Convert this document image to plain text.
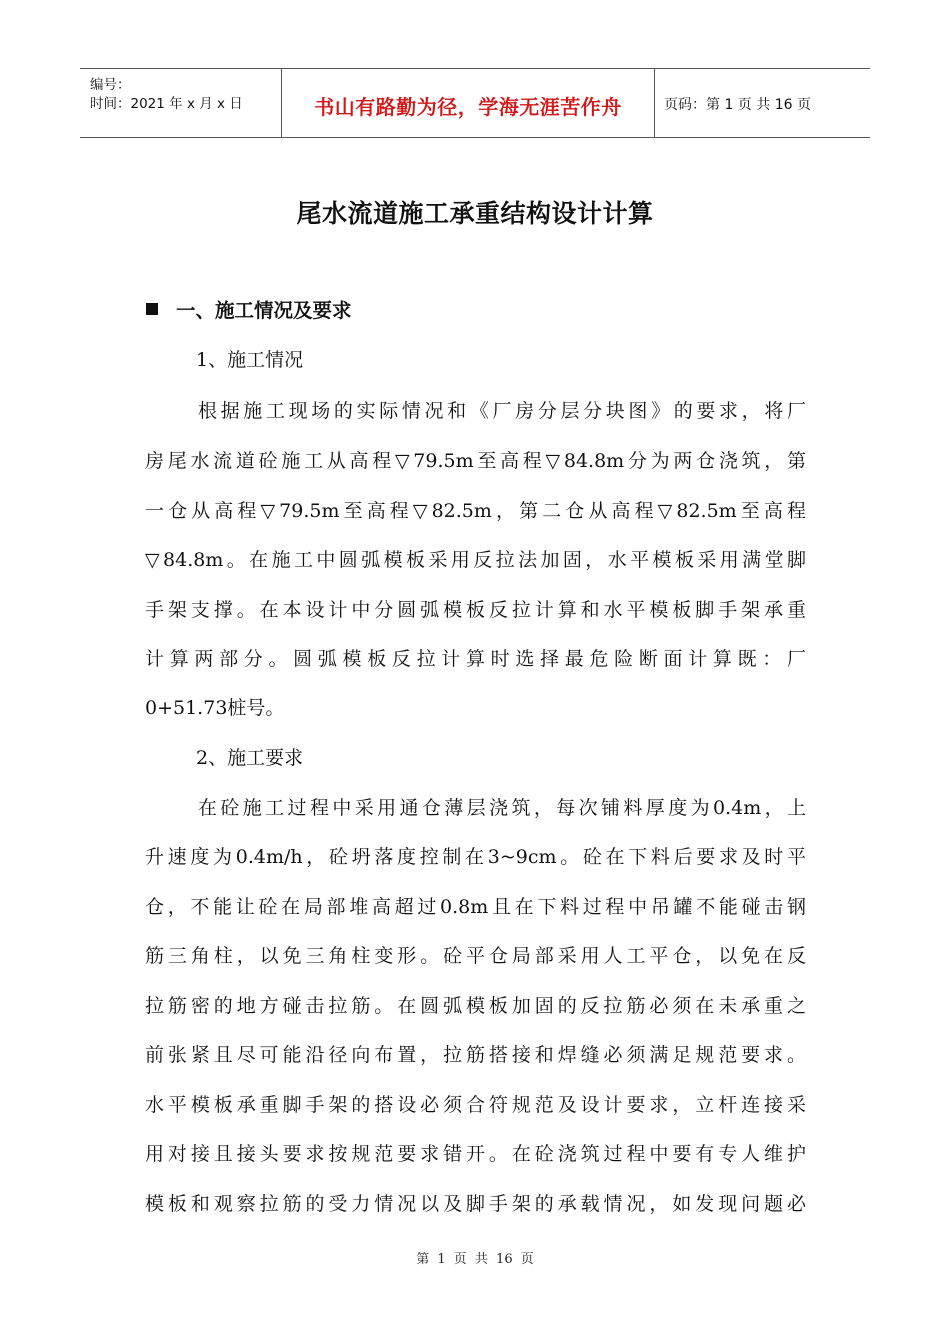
编号：
时间：2021 年 x 月 x 日	书山有路勤为径，学海无涯苦作舟	页码：第 1 页 共 16 页
尾水流道施工承重结构设计计算
一、施工情况及要求
1、施工情况
根据施工现场的实际情况和《厂房分层分块图》的要求，将厂
房尾水流道砼施工从高程▽79.5m至高程▽84.8m分为两仓浇筑，第
一仓从高程▽79.5m至高程▽82.5m，第二仓从高程▽82.5m至高程
▽84.8m。在施工中圆弧模板采用反拉法加固，水平模板采用满堂脚
手架支撑。在本设计中分圆弧模板反拉计算和水平模板脚手架承重
计算两部分。圆弧模板反拉计算时选择最危险断面计算既：厂
0+51.73桩号。
2、施工要求
在砼施工过程中采用通仓薄层浇筑，每次铺料厚度为0.4m，上
升速度为0.4m/h，砼坍落度控制在3~9cm。砼在下料后要求及时平
仓，不能让砼在局部堆高超过0.8m且在下料过程中吊罐不能碰击钢
筋三角柱，以免三角柱变形。砼平仓局部采用人工平仓，以免在反
拉筋密的地方碰击拉筋。在圆弧模板加固的反拉筋必须在未承重之
前张紧且尽可能沿径向布置，拉筋搭接和焊缝必须满足规范要求。
水平模板承重脚手架的搭设必须合符规范及设计要求，立杆连接采
用对接且接头要求按规范要求错开。在砼浇筑过程中要有专人维护
模板和观察拉筋的受力情况以及脚手架的承载情况，如发现问题必
第 1 页 共 16 页
